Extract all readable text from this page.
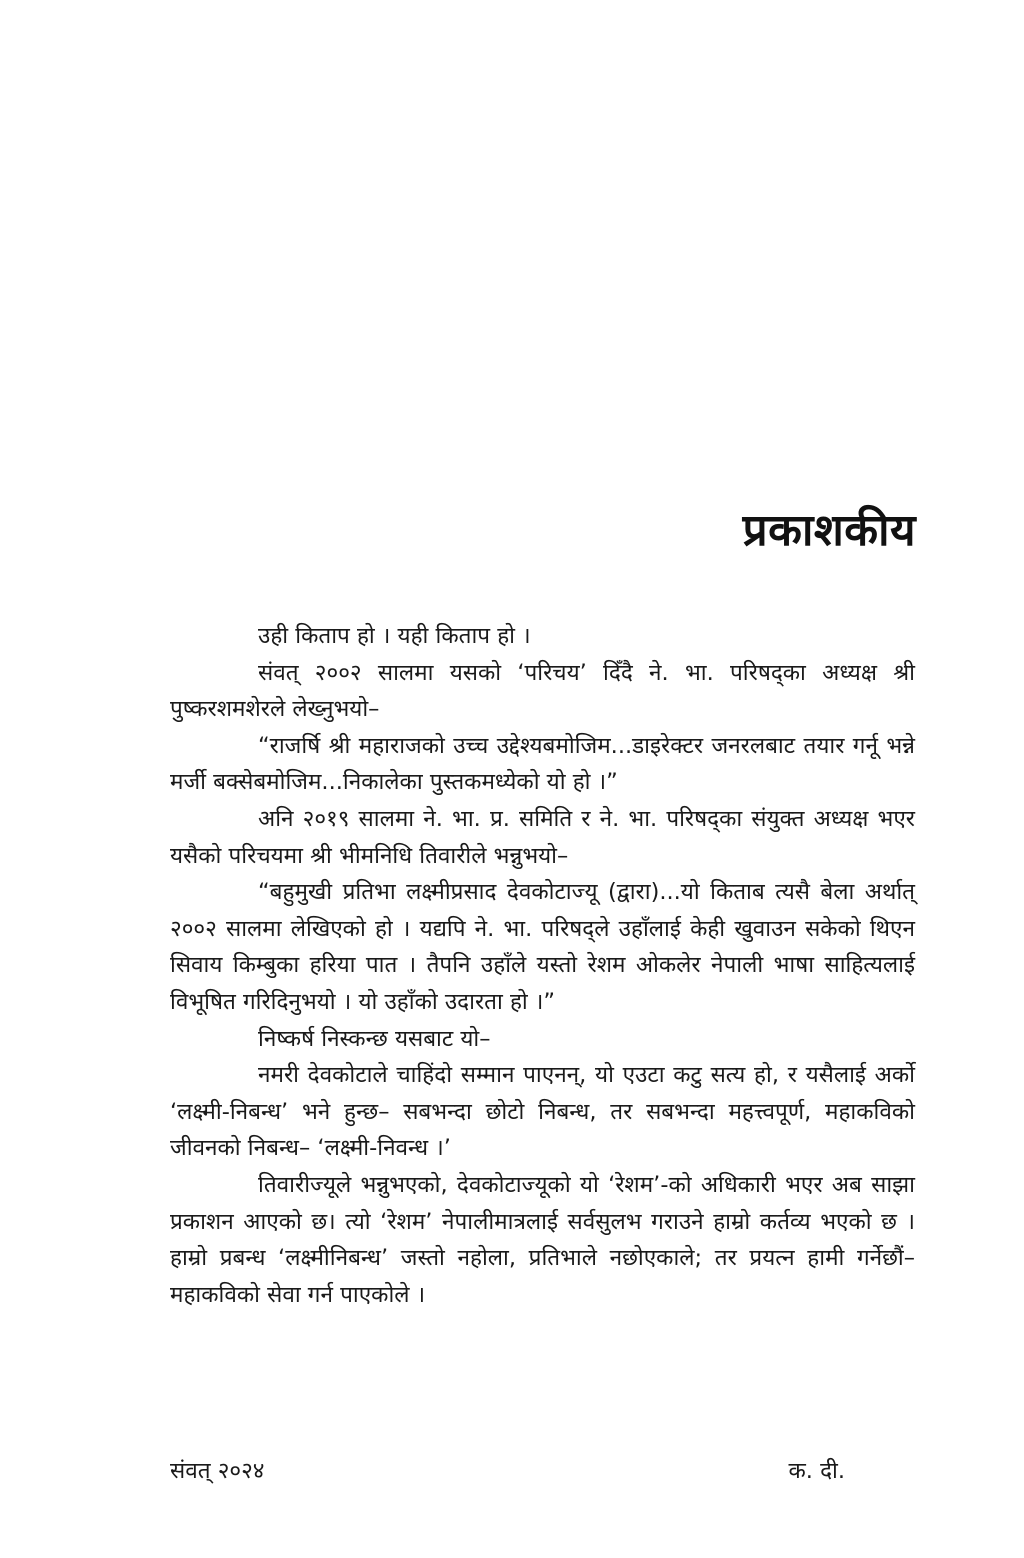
प्रकाशकीय

उही किताप हो । यही किताप हो ।

संवत् २००२ सालमा यसको ‘परिचय’ दिँदै ने. भा. परिषद्का अध्यक्ष श्री पुष्करशमशेरले लेख्नुभयो–

“राजर्षि श्री महाराजको उच्च उद्देश्यबमोजिम...डाइरेक्टर जनरलबाट तयार गर्नू भन्ने मर्जी बक्सेबमोजिम...निकालेका पुस्तकमध्येको यो हो ।”

अनि २०१९ सालमा ने. भा. प्र. समिति र ने. भा. परिषद्का संयुक्त अध्यक्ष भएर यसैको परिचयमा श्री भीमनिधि तिवारीले भन्नुभयो–

“बहुमुखी प्रतिभा लक्ष्मीप्रसाद देवकोटाज्यू (द्वारा)...यो किताब त्यसै बेला अर्थात् २००२ सालमा लेखिएको हो । यद्यपि ने. भा. परिषद्ले उहाँलाई केही खुवाउन सकेको थिएन सिवाय किम्बुका हरिया पात । तैपनि उहाँले यस्तो रेशम ओकलेर नेपाली भाषा साहित्यलाई विभूषित गरिदिनुभयो । यो उहाँको उदारता हो ।”

निष्कर्ष निस्कन्छ यसबाट यो–

नमरी देवकोटाले चाहिंदो सम्मान पाएनन्, यो एउटा कटु सत्य हो, र यसैलाई अर्को ‘लक्ष्मी-निबन्ध’ भने हुन्छ– सबभन्दा छोटो निबन्ध, तर सबभन्दा महत्त्वपूर्ण, महाकविको जीवनको निबन्ध– ‘लक्ष्मी-निवन्ध ।’

तिवारीज्यूले भन्नुभएको, देवकोटाज्यूको यो ‘रेशम’-को अधिकारी भएर अब साझा प्रकाशन आएको छ। त्यो ‘रेशम’ नेपालीमात्रलाई सर्वसुलभ गराउने हाम्रो कर्तव्य भएको छ । हाम्रो प्रबन्ध ‘लक्ष्मीनिबन्ध’ जस्तो नहोला, प्रतिभाले नछोएकाले; तर प्रयत्न हामी गर्नेछौं– महाकविको सेवा गर्न पाएकोले ।

संवत् २०२४	क. दी.
